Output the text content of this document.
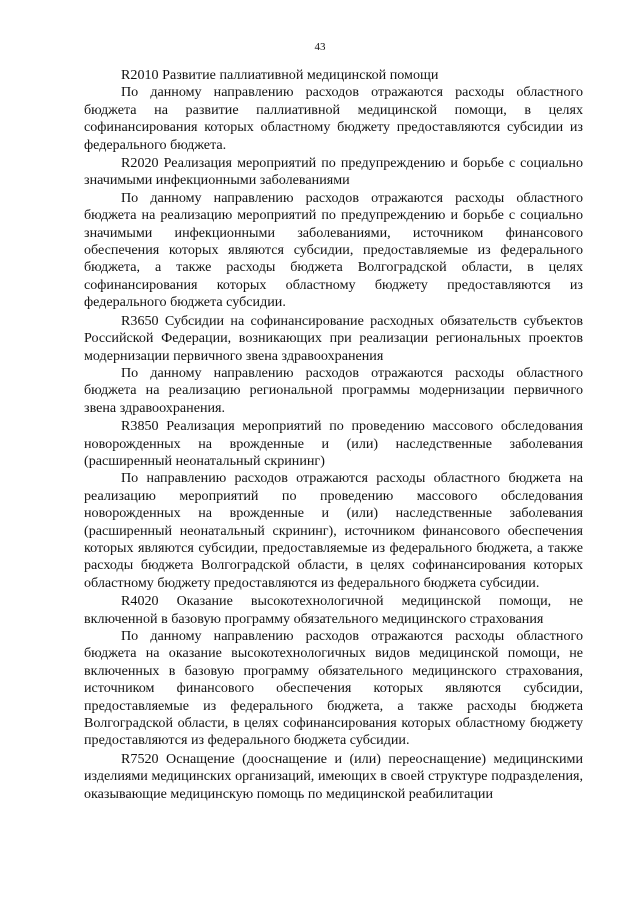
43

R2010 Развитие паллиативной медицинской помощи

По данному направлению расходов отражаются расходы областного бюджета на развитие паллиативной медицинской помощи, в целях софинансирования которых областному бюджету предоставляются субсидии из федерального бюджета.

R2020 Реализация мероприятий по предупреждению и борьбе с социально значимыми инфекционными заболеваниями

По данному направлению расходов отражаются расходы областного бюджета на реализацию мероприятий по предупреждению и борьбе с социально значимыми инфекционными заболеваниями, источником финансового обеспечения которых являются субсидии, предоставляемые из федерального бюджета, а также расходы бюджета Волгоградской области, в целях софинансирования которых областному бюджету предоставляются из федерального бюджета субсидии.

R3650 Субсидии на софинансирование расходных обязательств субъектов Российской Федерации, возникающих при реализации региональных проектов модернизации первичного звена здравоохранения

По данному направлению расходов отражаются расходы областного бюджета на реализацию региональной программы модернизации первичного звена здравоохранения.

R3850 Реализация мероприятий по проведению массового обследования новорожденных на врожденные и (или) наследственные заболевания (расширенный неонатальный скрининг)

По направлению расходов отражаются расходы областного бюджета на реализацию мероприятий по проведению массового обследования новорожденных на врожденные и (или) наследственные заболевания (расширенный неонатальный скрининг), источником финансового обеспечения которых являются субсидии, предоставляемые из федерального бюджета, а также расходы бюджета Волгоградской области, в целях софинансирования которых областному бюджету предоставляются из федерального бюджета субсидии.

R4020 Оказание высокотехнологичной медицинской помощи, не включенной в базовую программу обязательного медицинского страхования

По данному направлению расходов отражаются расходы областного бюджета на оказание высокотехнологичных видов медицинской помощи, не включенных в базовую программу обязательного медицинского страхования, источником финансового обеспечения которых являются субсидии, предоставляемые из федерального бюджета, а также расходы бюджета Волгоградской области, в целях софинансирования которых областному бюджету предоставляются из федерального бюджета субсидии.

R7520 Оснащение (дооснащение и (или) переоснащение) медицинскими изделиями медицинских организаций, имеющих в своей структуре подразделения, оказывающие медицинскую помощь по медицинской реабилитации
